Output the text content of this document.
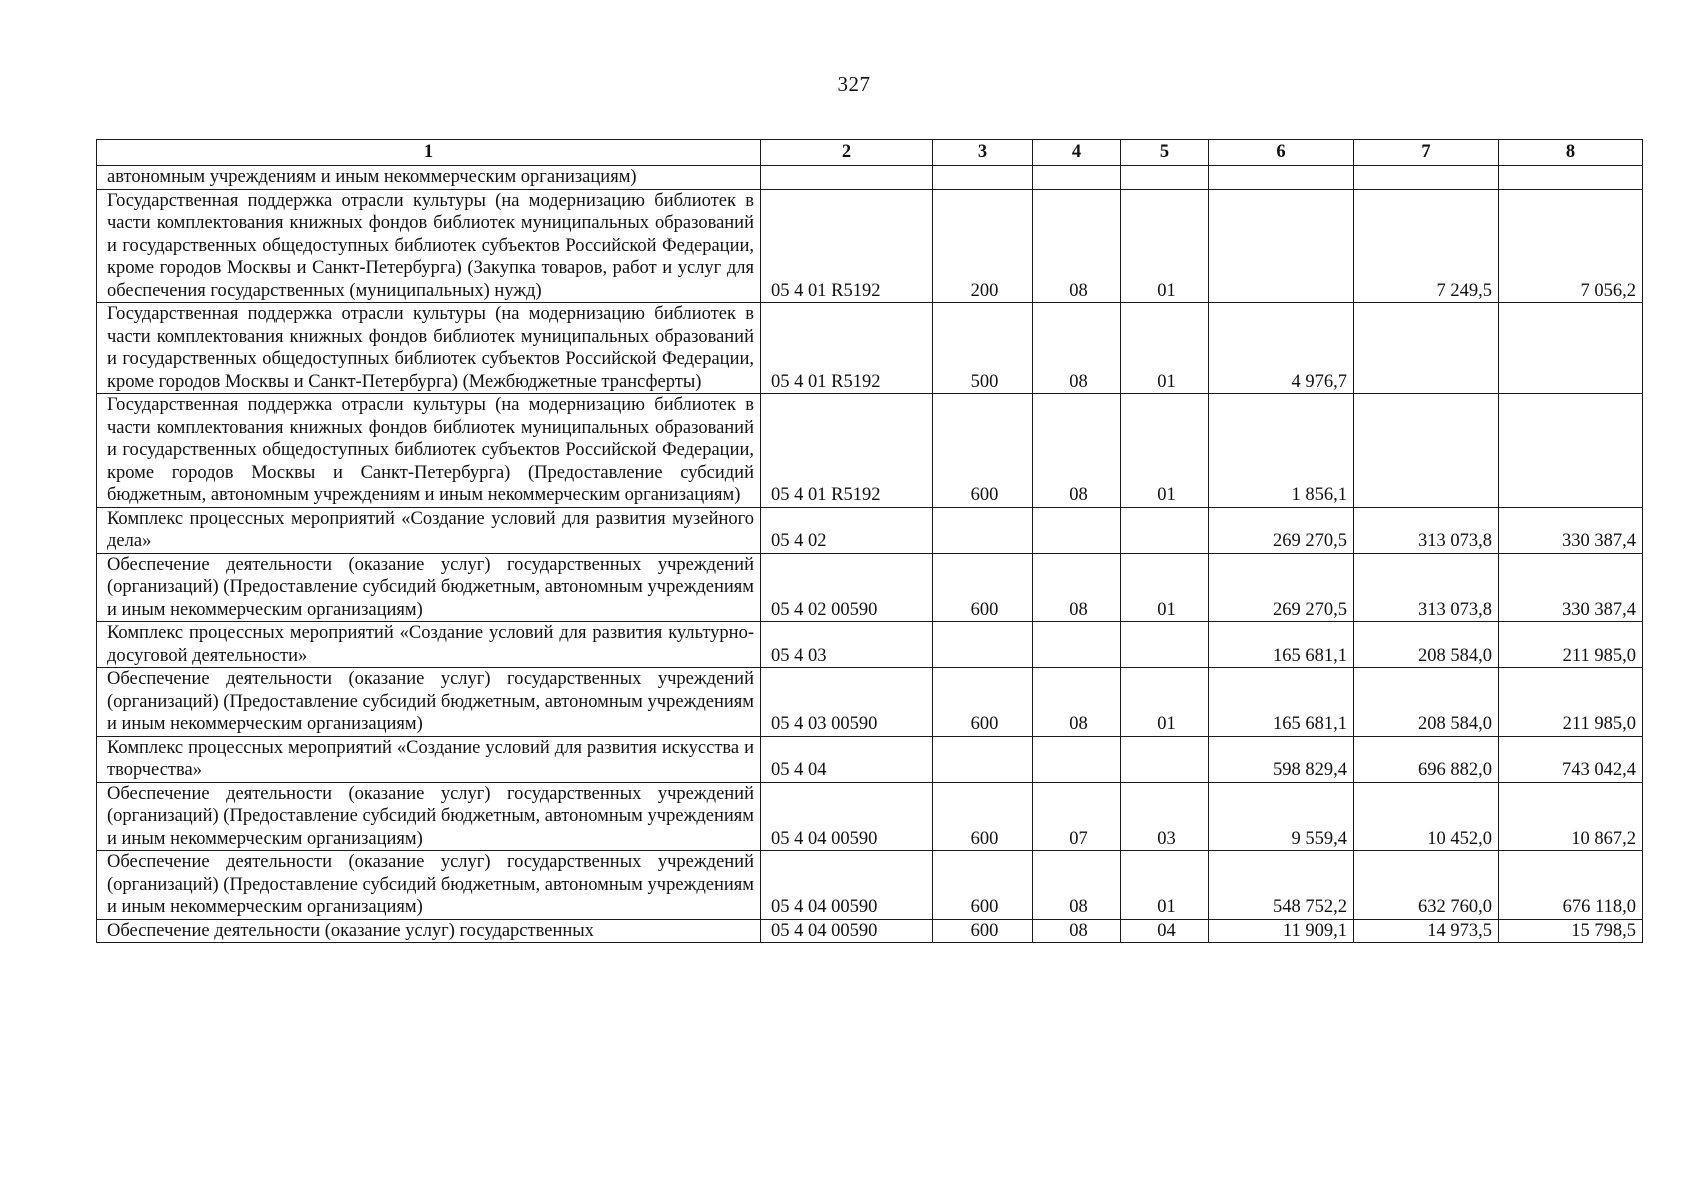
327
1	2	3	4	5	6	7	8
автономным учреждениям и иным некоммерческим организациям)							
Государственная поддержка отрасли культуры (на модернизацию библиотек в части комплектования книжных фондов библиотек муниципальных образований и государственных общедоступных библиотек субъектов Российской Федерации, кроме городов Москвы и Санкт-Петербурга) (Закупка товаров, работ и услуг для обеспечения государственных (муниципальных) нужд)	05 4 01 R5192	200	08	01		7 249,5	7 056,2
Государственная поддержка отрасли культуры (на модернизацию библиотек в части комплектования книжных фондов библиотек муниципальных образований и государственных общедоступных библиотек субъектов Российской Федерации, кроме городов Москвы и Санкт-Петербурга) (Межбюджетные трансферты)	05 4 01 R5192	500	08	01	4 976,7		
Государственная поддержка отрасли культуры (на модернизацию библиотек в части комплектования книжных фондов библиотек муниципальных образований и государственных общедоступных библиотек субъектов Российской Федерации, кроме городов Москвы и Санкт-Петербурга) (Предоставление субсидий бюджетным, автономным учреждениям и иным некоммерческим организациям)	05 4 01 R5192	600	08	01	1 856,1		
Комплекс процессных мероприятий «Создание условий для развития музейного дела»	05 4 02				269 270,5	313 073,8	330 387,4
Обеспечение деятельности (оказание услуг) государственных учреждений (организаций) (Предоставление субсидий бюджетным, автономным учреждениям и иным некоммерческим организациям)	05 4 02 00590	600	08	01	269 270,5	313 073,8	330 387,4
Комплекс процессных мероприятий «Создание условий для развития культурно-досуговой деятельности»	05 4 03				165 681,1	208 584,0	211 985,0
Обеспечение деятельности (оказание услуг) государственных учреждений (организаций) (Предоставление субсидий бюджетным, автономным учреждениям и иным некоммерческим организациям)	05 4 03 00590	600	08	01	165 681,1	208 584,0	211 985,0
Комплекс процессных мероприятий «Создание условий для развития искусства и творчества»	05 4 04				598 829,4	696 882,0	743 042,4
Обеспечение деятельности (оказание услуг) государственных учреждений (организаций) (Предоставление субсидий бюджетным, автономным учреждениям и иным некоммерческим организациям)	05 4 04 00590	600	07	03	9 559,4	10 452,0	10 867,2
Обеспечение деятельности (оказание услуг) государственных учреждений (организаций) (Предоставление субсидий бюджетным, автономным учреждениям и иным некоммерческим организациям)	05 4 04 00590	600	08	01	548 752,2	632 760,0	676 118,0
Обеспечение деятельности (оказание услуг) государственных	05 4 04 00590	600	08	04	11 909,1	14 973,5	15 798,5
